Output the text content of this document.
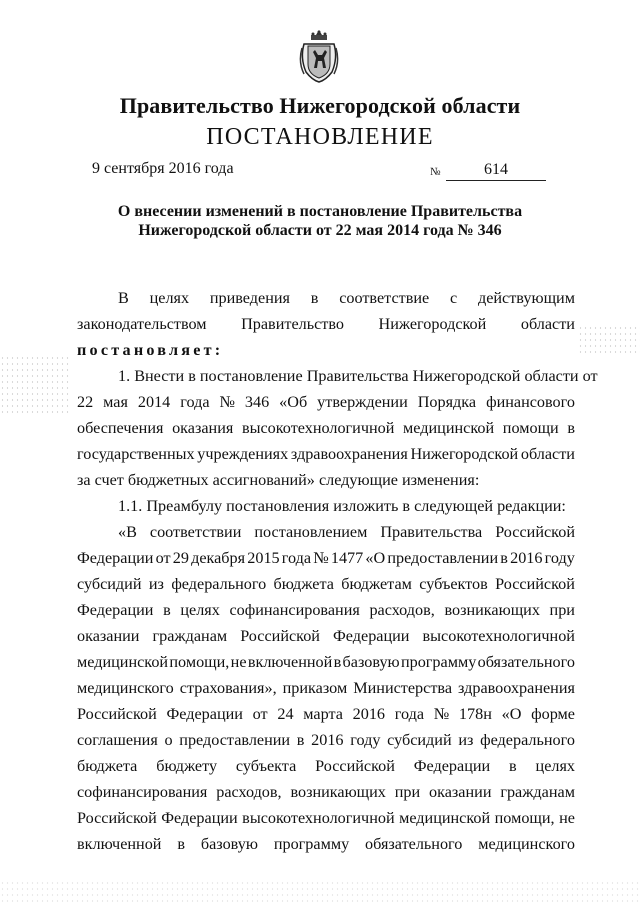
Правительство Нижегородской области
ПОСТАНОВЛЕНИЕ
9 сентября 2016 года	№	614
О внесении изменений в постановление Правительства
Нижегородской области от 22 мая 2014 года № 346
В целях приведения в соответствие с действующим
законодательством Правительство Нижегородской области
постановляет:
1. Внести в постановление Правительства Нижегородской области от
22 мая 2014 года № 346 «Об утверждении Порядка финансового
обеспечения оказания высокотехнологичной медицинской помощи в
государственных учреждениях здравоохранения Нижегородской области
за счет бюджетных ассигнований» следующие изменения:
1.1. Преамбулу постановления изложить в следующей редакции:
«В соответствии постановлением Правительства Российской
Федерации от 29 декабря 2015 года № 1477 «О предоставлении в 2016 году
субсидий из федерального бюджета бюджетам субъектов Российской
Федерации в целях софинансирования расходов, возникающих при
оказании гражданам Российской Федерации высокотехнологичной
медицинской помощи, не включенной в базовую программу обязательного
медицинского страхования», приказом Министерства здравоохранения
Российской Федерации от 24 марта 2016 года № 178н «О форме
соглашения о предоставлении в 2016 году субсидий из федерального
бюджета бюджету субъекта Российской Федерации в целях
софинансирования расходов, возникающих при оказании гражданам
Российской Федерации высокотехнологичной медицинской помощи, не
включенной в базовую программу обязательного медицинского
